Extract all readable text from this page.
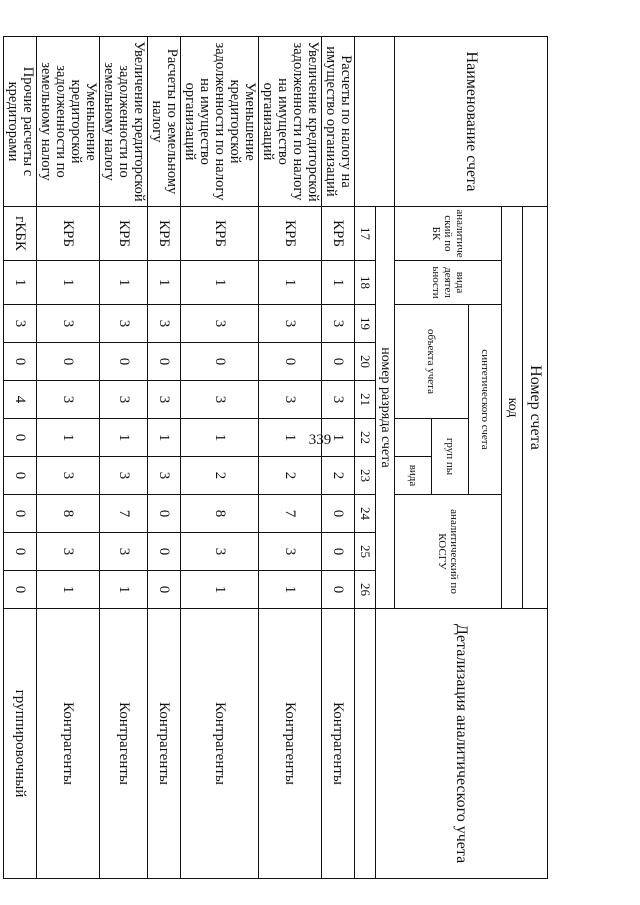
339
Наименование счета	Номер счета										Детализация аналитического учета
	код										
	аналитиче ский по БК	вида деятел ьности	синтетического счета					аналитический по КОСГУ			
			объекта учета			груп пы					
							вида				
	номер разряда счета										
	17	18	19	20	21	22	23	24	25	26	
Расчеты по налогу на имущество организаций	КРБ	1	3	0	3	1	2	0	0	0	Контрагенты
Увеличение кредиторской задолженности по налогу на имущество организаций	КРБ	1	3	0	3	1	2	7	3	1	Контрагенты
Уменьшение кредиторской задолженности по налогу на имущество организаций	КРБ	1	3	0	3	1	2	8	3	1	Контрагенты
Расчеты по земельному налогу	КРБ	1	3	0	3	1	3	0	0	0	Контрагенты
Увеличение кредиторской задолженности по земельному налогу	КРБ	1	3	0	3	1	3	7	3	1	Контрагенты
Уменьшение кредиторской задолженности по земельному налогу	КРБ	1	3	0	3	1	3	8	3	1	Контрагенты
Прочие расчеты с кредиторами	гКБК	1	3	0	4	0	0	0	0	0	группировочный
